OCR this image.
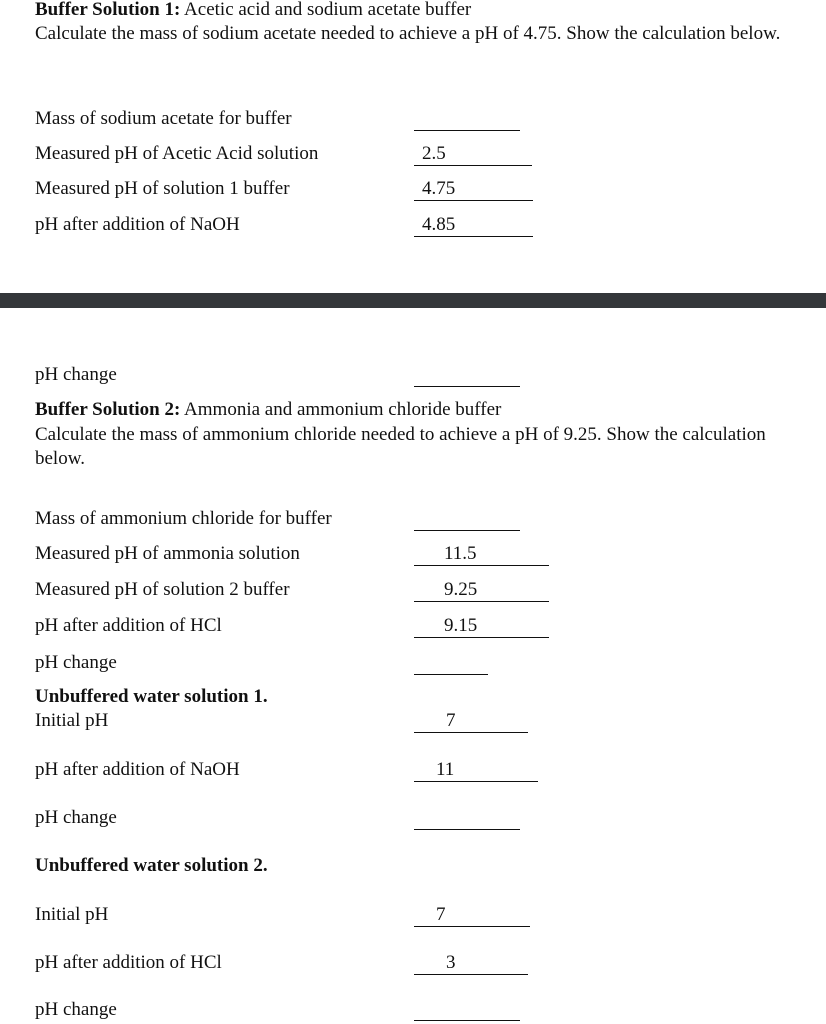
Buffer Solution 1: Acetic acid and sodium acetate buffer
Calculate the mass of sodium acetate needed to achieve a pH of 4.75. Show the calculation below.
Mass of sodium acetate for buffer
Measured pH of Acetic Acid solution	2.5
Measured pH of solution 1 buffer	4.75
pH after addition of NaOH	4.85
pH change
Buffer Solution 2: Ammonia and ammonium chloride buffer
Calculate the mass of ammonium chloride needed to achieve a pH of 9.25. Show the calculation below.
Mass of ammonium chloride for buffer
Measured pH of ammonia solution	11.5
Measured pH of solution 2 buffer	9.25
pH after addition of HCl	9.15
pH change
Unbuffered water solution 1.
Initial pH	7
pH after addition of NaOH	11
pH change
Unbuffered water solution 2.
Initial pH	7
pH after addition of HCl	3
pH change
